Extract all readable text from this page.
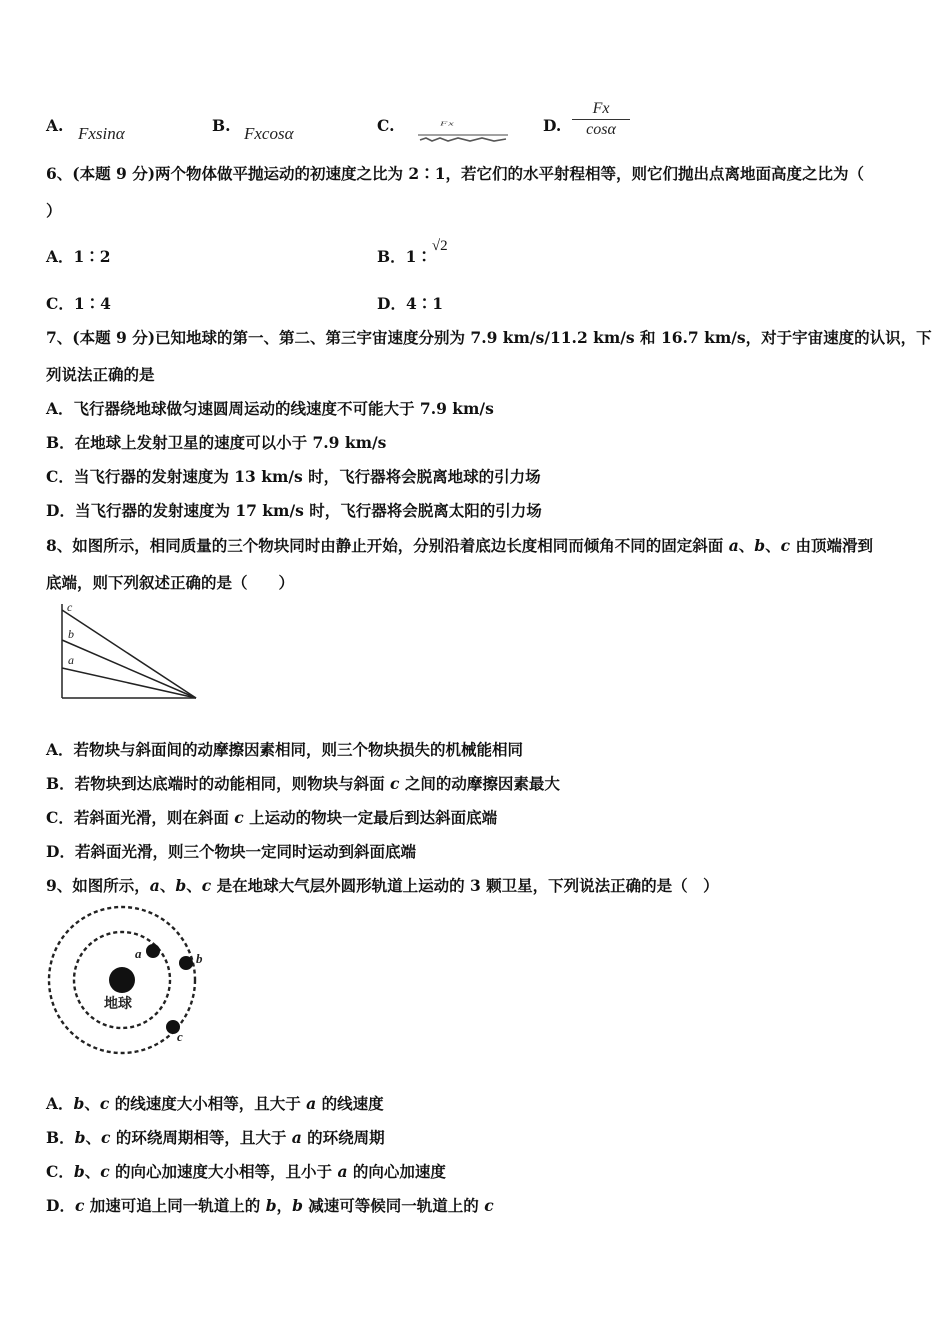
A. Fxsinα	B. Fxcosα	C.	Fx	D.
Fx
cosα
6、(本题 9 分)两个物体做平抛运动的初速度之比为 2∶1，若它们的水平射程相等，则它们抛出点离地面高度之比为（
）
A．1∶2	B．1∶√2
C．1∶4	D．4∶1
7、(本题 9 分)已知地球的第一、第二、第三宇宙速度分别为 7.9 km/s/11.2 km/s 和 16.7 km/s，对于宇宙速度的认识，下
列说法正确的是
A．飞行器绕地球做匀速圆周运动的线速度不可能大于 7.9 km/s
B．在地球上发射卫星的速度可以小于 7.9 km/s
C．当飞行器的发射速度为 13 km/s 时，飞行器将会脱离地球的引力场
D．当飞行器的发射速度为 17 km/s 时，飞行器将会脱离太阳的引力场
8、如图所示，相同质量的三个物块同时由静止开始，分别沿着底边长度相同而倾角不同的固定斜面 a、b、c 由顶端滑到
底端，则下列叙述正确的是（　　）
c
b
a
A．若物块与斜面间的动摩擦因素相同，则三个物块损失的机械能相同
B．若物块到达底端时的动能相同，则物块与斜面 c 之间的动摩擦因素最大
C．若斜面光滑，则在斜面 c 上运动的物块一定最后到达斜面底端
D．若斜面光滑，则三个物块一定同时运动到斜面底端
9、如图所示，a、b、c 是在地球大气层外圆形轨道上运动的 3 颗卫星，下列说法正确的是（　）
地球
a	b
c
A．b、c 的线速度大小相等，且大于 a 的线速度
B．b、c 的环绕周期相等，且大于 a 的环绕周期
C．b、c 的向心加速度大小相等，且小于 a 的向心加速度
D．c 加速可追上同一轨道上的 b，b 减速可等候同一轨道上的 c
